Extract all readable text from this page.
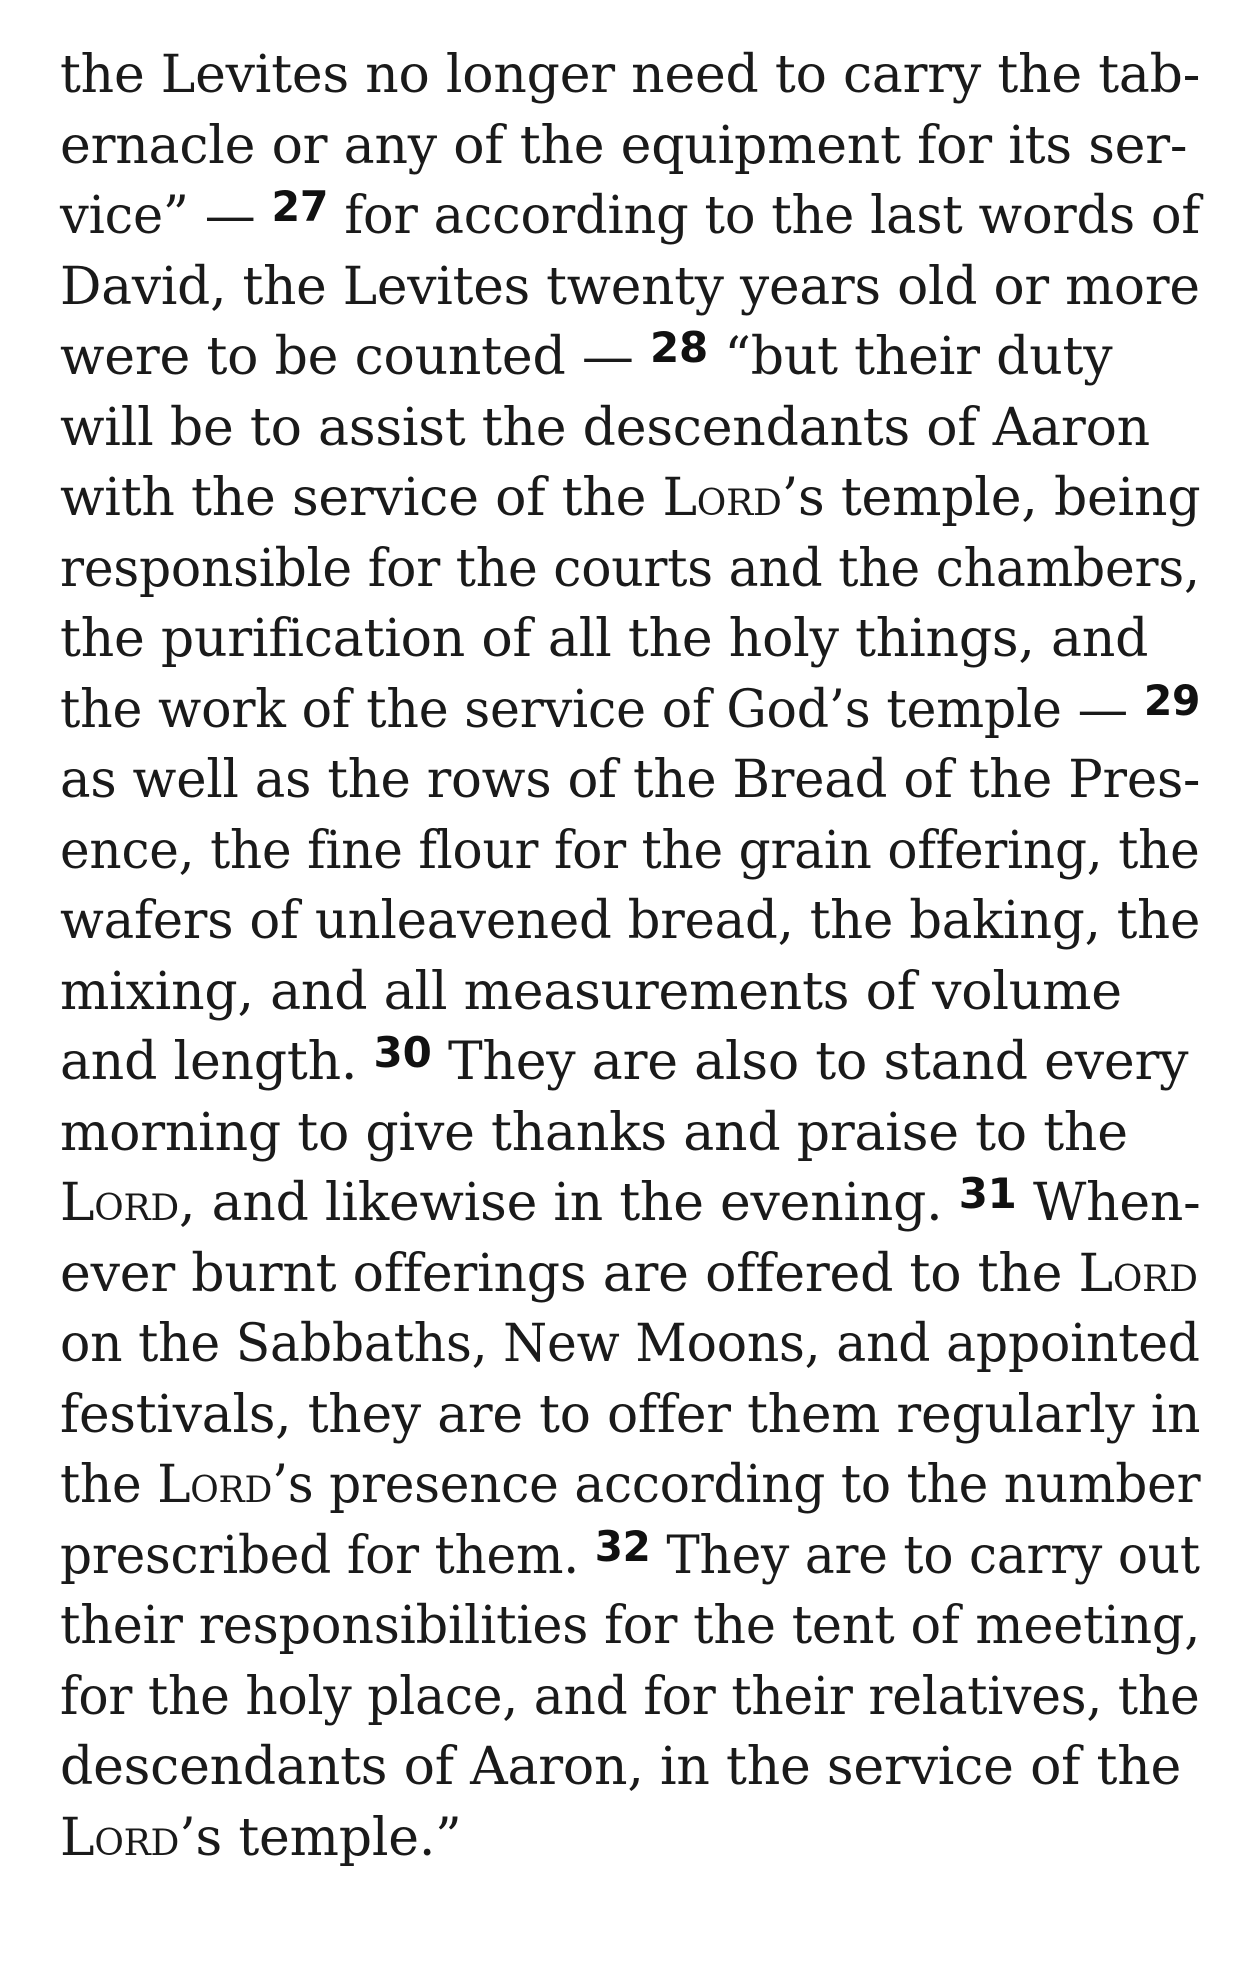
the Levites no longer need to carry the tab-
ernacle or any of the equipment for its ser-
vice” — $^{27}$ for according to the last words of
David, the Levites twenty years old or more
were to be counted — $^{28}$ “but their duty
will be to assist the descendants of Aaron
with the service of the Lord’s temple, being
responsible for the courts and the chambers,
the purification of all the holy things, and
the work of the service of God’s temple — $^{29}$
as well as the rows of the Bread of the Pres-
ence, the fine flour for the grain offering, the
wafers of unleavened bread, the baking, the
mixing, and all measurements of volume
and length. $^{30}$ They are also to stand every
morning to give thanks and praise to the
Lord, and likewise in the evening. $^{31}$ When-
ever burnt offerings are offered to the Lord
on the Sabbaths, New Moons, and appointed
festivals, they are to offer them regularly in
the Lord’s presence according to the number
prescribed for them. $^{32}$ They are to carry out
their responsibilities for the tent of meeting,
for the holy place, and for their relatives, the
descendants of Aaron, in the service of the
Lord’s temple.”
